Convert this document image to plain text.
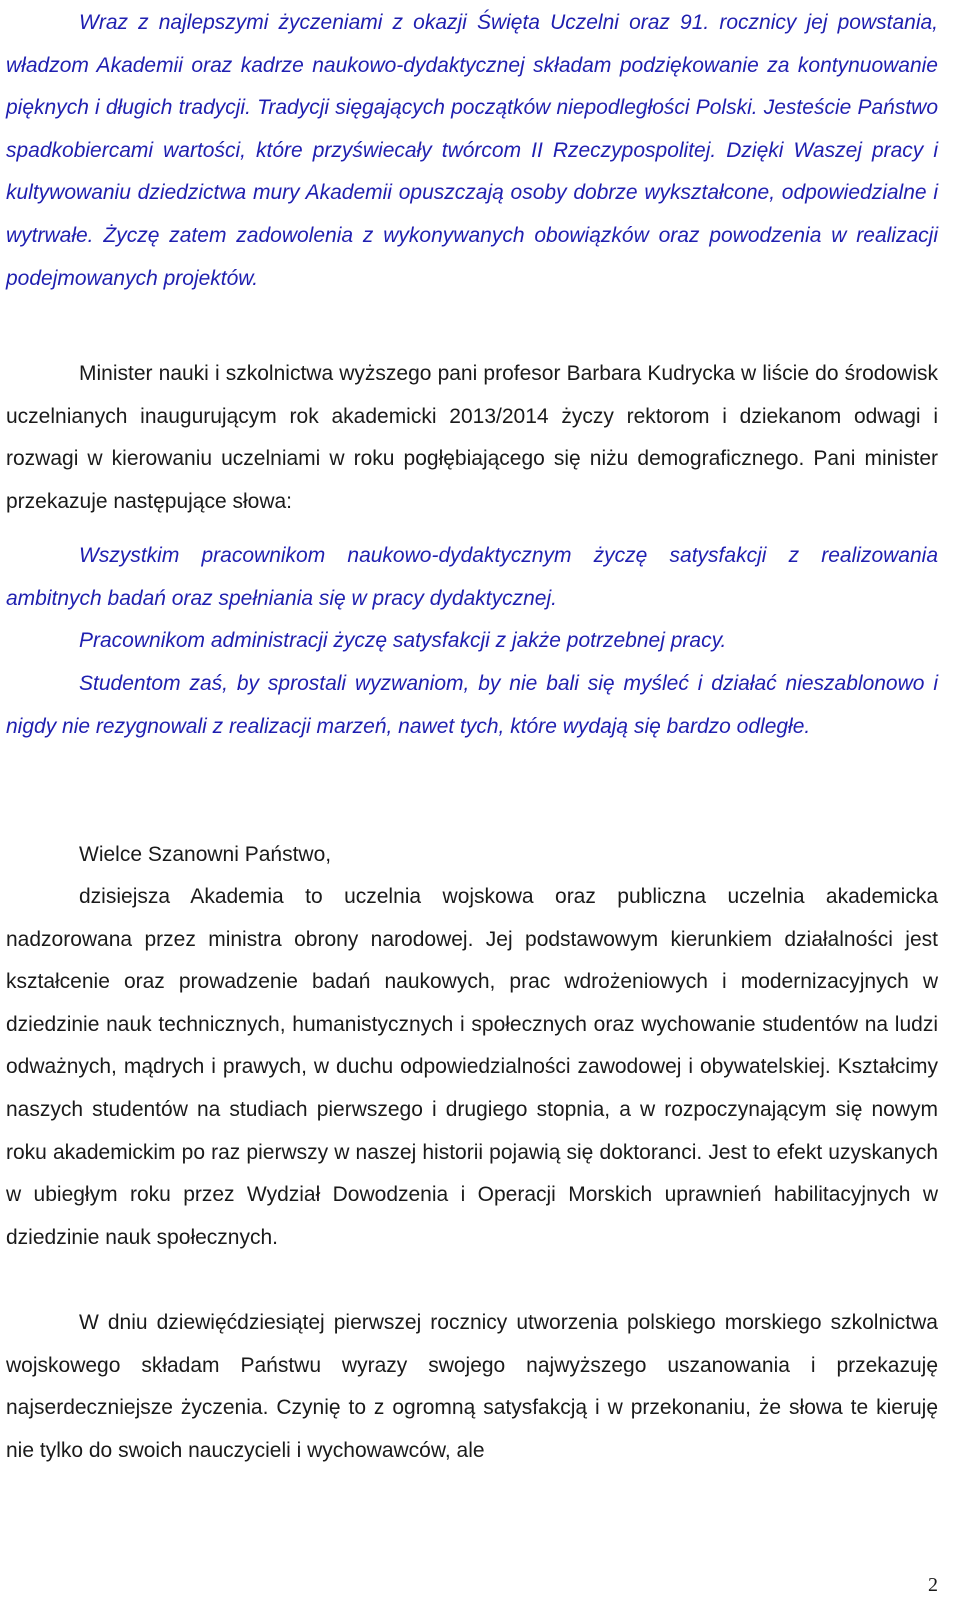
Wraz z najlepszymi życzeniami z okazji Święta Uczelni oraz 91. rocznicy jej powstania, władzom Akademii oraz kadrze naukowo-dydaktycznej składam podziękowanie za kontynuowanie pięknych i długich tradycji. Tradycji sięgających początków niepodległości Polski. Jesteście Państwo spadkobiercami wartości, które przyświecały twórcom II Rzeczypospolitej. Dzięki Waszej pracy i kultywowaniu dziedzictwa mury Akademii opuszczają osoby dobrze wykształcone, odpowiedzialne i wytrwałe. Życzę zatem zadowolenia z wykonywanych obowiązków oraz powodzenia w realizacji podejmowanych projektów.

Minister nauki i szkolnictwa wyższego pani profesor Barbara Kudrycka w liście do środowisk uczelnianych inaugurującym rok akademicki 2013/2014 życzy rektorom i dziekanom odwagi i rozwagi w kierowaniu uczelniami w roku pogłębiającego się niżu demograficznego. Pani minister przekazuje następujące słowa:

Wszystkim pracownikom naukowo-dydaktycznym życzę satysfakcji z realizowania ambitnych badań oraz spełniania się w pracy dydaktycznej.

Pracownikom administracji życzę satysfakcji z jakże potrzebnej pracy.

Studentom zaś, by sprostali wyzwaniom, by nie bali się myśleć i działać nieszablonowo i nigdy nie rezygnowali z realizacji marzeń, nawet tych, które wydają się bardzo odległe.

Wielce Szanowni Państwo,

dzisiejsza Akademia to uczelnia wojskowa oraz publiczna uczelnia akademicka nadzorowana przez ministra obrony narodowej. Jej podstawowym kierunkiem działalności jest kształcenie oraz prowadzenie badań naukowych, prac wdrożeniowych i modernizacyjnych w dziedzinie nauk technicznych, humanistycznych i społecznych oraz wychowanie studentów na ludzi odważnych, mądrych i prawych, w duchu odpowiedzialności zawodowej i obywatelskiej. Kształcimy naszych studentów na studiach pierwszego i drugiego stopnia, a w rozpoczynającym się nowym roku akademickim po raz pierwszy w naszej historii pojawią się doktoranci. Jest to efekt uzyskanych w ubiegłym roku przez Wydział Dowodzenia i Operacji Morskich uprawnień habilitacyjnych w dziedzinie nauk społecznych.

W dniu dziewięćdziesiątej pierwszej rocznicy utworzenia polskiego morskiego szkolnictwa wojskowego składam Państwu wyrazy swojego najwyższego uszanowania i przekazuję najserdeczniejsze życzenia. Czynię to z ogromną satysfakcją i w przekonaniu, że słowa te kieruję nie tylko do swoich nauczycieli i wychowawców, ale

2
